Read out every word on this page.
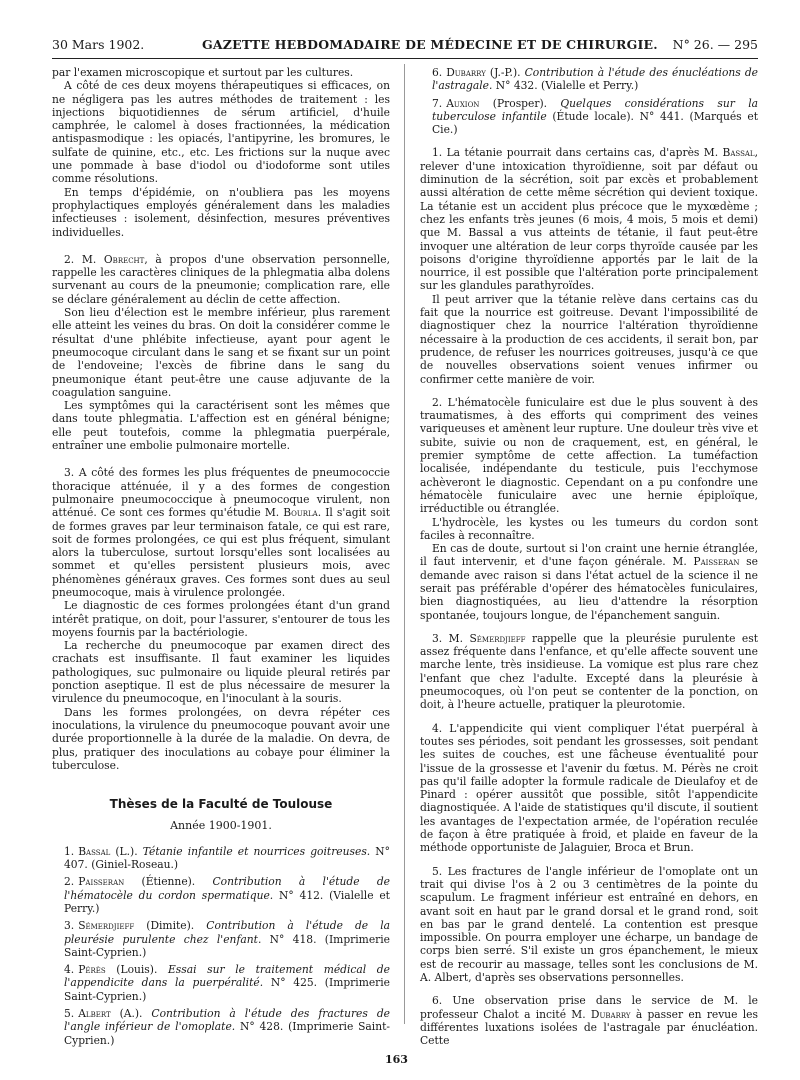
30 Mars 1902.	GAZETTE HEBDOMADAIRE DE MÉDECINE ET DE CHIRURGIE. N° 26. — 295

par l'examen microscopique et surtout par les cultures.

A côté de ces deux moyens thérapeutiques si efficaces, on ne négligera pas les autres méthodes de traitement : les injections biquotidiennes de sérum artificiel, d'huile camphrée, le calomel à doses fractionnées, la médication antispasmodique : les opiacés, l'antipyrine, les bromures, le sulfate de quinine, etc., etc. Les frictions sur la nuque avec une pommade à base d'iodol ou d'iodoforme sont utiles comme résolutions.

En temps d'épidémie, on n'oubliera pas les moyens prophylactiques employés généralement dans les maladies infectieuses : isolement, désinfection, mesures préventives individuelles.

2. M. Obrecht, à propos d'une observation personnelle, rappelle les caractères cliniques de la phlegmatia alba dolens survenant au cours de la pneumonie; complication rare, elle se déclare généralement au déclin de cette affection.

Son lieu d'élection est le membre inférieur, plus rarement elle atteint les veines du bras. On doit la considérer comme le résultat d'une phlébite infectieuse, ayant pour agent le pneumocoque circulant dans le sang et se fixant sur un point de l'endoveine; l'excès de fibrine dans le sang du pneumonique étant peut-être une cause adjuvante de la coagulation sanguine.

Les symptômes qui la caractérisent sont les mêmes que dans toute phlegmatia. L'affection est en général bénigne; elle peut toutefois, comme la phlegmatia puerpérale, entraîner une embolie pulmonaire mortelle.

3. A côté des formes les plus fréquentes de pneumococcie thoracique atténuée, il y a des formes de congestion pulmonaire pneumococcique à pneumocoque virulent, non atténué. Ce sont ces formes qu'étudie M. Bourla. Il s'agit soit de formes graves par leur terminaison fatale, ce qui est rare, soit de formes prolongées, ce qui est plus fréquent, simulant alors la tuberculose, surtout lorsqu'elles sont localisées au sommet et qu'elles persistent plusieurs mois, avec phénomènes généraux graves. Ces formes sont dues au seul pneumocoque, mais à virulence prolongée.

Le diagnostic de ces formes prolongées étant d'un grand intérêt pratique, on doit, pour l'assurer, s'entourer de tous les moyens fournis par la bactériologie.

La recherche du pneumocoque par examen direct des crachats est insuffisante. Il faut examiner les liquides pathologiques, suc pulmonaire ou liquide pleural retirés par ponction aseptique. Il est de plus nécessaire de mesurer la virulence du pneumocoque, en l'inoculant à la souris.

Dans les formes prolongées, on devra répéter ces inoculations, la virulence du pneumocoque pouvant avoir une durée proportionnelle à la durée de la maladie. On devra, de plus, pratiquer des inoculations au cobaye pour éliminer la tuberculose.

Thèses de la Faculté de Toulouse
Année 1900-1901.

1. Bassal (L.). Tétanie infantile et nourrices goitreuses. N° 407. (Giniel-Roseau.)

2. Paisseran (Étienne). Contribution à l'étude de l'hématocèle du cordon spermatique. N° 412. (Vialelle et Perry.)

3. Sémerdjieff (Dimite). Contribution à l'étude de la pleurésie purulente chez l'enfant. N° 418. (Imprimerie Saint-Cyprien.)

4. Pérès (Louis). Essai sur le traitement médical de l'appendicite dans la puerpéralité. N° 425. (Imprimerie Saint-Cyprien.)

5. Albert (A.). Contribution à l'étude des fractures de l'angle inférieur de l'omoplate. N° 428. (Imprimerie Saint-Cyprien.)

6. Dubarry (J.-P.). Contribution à l'étude des énucléations de l'astragale. N° 432. (Vialelle et Perry.)

7. Auxion (Prosper). Quelques considérations sur la tuberculose infantile (Étude locale). N° 441. (Marqués et Cie.)

1. La tétanie pourrait dans certains cas, d'après M. Bassal, relever d'une intoxication thyroïdienne, soit par défaut ou diminution de la sécrétion, soit par excès et probablement aussi altération de cette même sécrétion qui devient toxique. La tétanie est un accident plus précoce que le myxœdème ; chez les enfants très jeunes (6 mois, 4 mois, 5 mois et demi) que M. Bassal a vus atteints de tétanie, il faut peut-être invoquer une altération de leur corps thyroïde causée par les poisons d'origine thyroïdienne apportés par le lait de la nourrice, il est possible que l'altération porte principalement sur les glandules parathyroïdes.

Il peut arriver que la tétanie relève dans certains cas du fait que la nourrice est goitreuse. Devant l'impossibilité de diagnostiquer chez la nourrice l'altération thyroïdienne nécessaire à la production de ces accidents, il serait bon, par prudence, de refuser les nourrices goitreuses, jusqu'à ce que de nouvelles observations soient venues infirmer ou confirmer cette manière de voir.

2. L'hématocèle funiculaire est due le plus souvent à des traumatismes, à des efforts qui compriment des veines variqueuses et amènent leur rupture. Une douleur très vive et subite, suivie ou non de craquement, est, en général, le premier symptôme de cette affection. La tuméfaction localisée, indépendante du testicule, puis l'ecchymose achèveront le diagnostic. Cependant on a pu confondre une hématocèle funiculaire avec une hernie épiploïque, irréductible ou étranglée.

L'hydrocèle, les kystes ou les tumeurs du cordon sont faciles à reconnaître.

En cas de doute, surtout si l'on craint une hernie étranglée, il faut intervenir, et d'une façon générale. M. Paisseran se demande avec raison si dans l'état actuel de la science il ne serait pas préférable d'opérer des hématocèles funiculaires, bien diagnostiquées, au lieu d'attendre la résorption spontanée, toujours longue, de l'épanchement sanguin.

3. M. Sémerdjieff rappelle que la pleurésie purulente est assez fréquente dans l'enfance, et qu'elle affecte souvent une marche lente, très insidieuse. La vomique est plus rare chez l'enfant que chez l'adulte. Excepté dans la pleurésie à pneumocoques, où l'on peut se contenter de la ponction, on doit, à l'heure actuelle, pratiquer la pleurotomie.

4. L'appendicite qui vient compliquer l'état puerpéral à toutes ses périodes, soit pendant les grossesses, soit pendant les suites de couches, est une fâcheuse éventualité pour l'issue de la grossesse et l'avenir du fœtus. M. Pérès ne croit pas qu'il faille adopter la formule radicale de Dieulafoy et de Pinard : opérer aussitôt que possible, sitôt l'appendicite diagnostiquée. A l'aide de statistiques qu'il discute, il soutient les avantages de l'expectation armée, de l'opération reculée de façon à être pratiquée à froid, et plaide en faveur de la méthode opportuniste de Jalaguier, Broca et Brun.

5. Les fractures de l'angle inférieur de l'omoplate ont un trait qui divise l'os à 2 ou 3 centimètres de la pointe du scapulum. Le fragment inférieur est entraîné en dehors, en avant soit en haut par le grand dorsal et le grand rond, soit en bas par le grand dentelé. La contention est presque impossible. On pourra employer une écharpe, un bandage de corps bien serré. S'il existe un gros épanchement, le mieux est de recourir au massage, telles sont les conclusions de M. A. Albert, d'après ses observations personnelles.

6. Une observation prise dans le service de M. le professeur Chalot a incité M. Dubarry à passer en revue les différentes luxations isolées de l'astragale par énucléation. Cette

163
